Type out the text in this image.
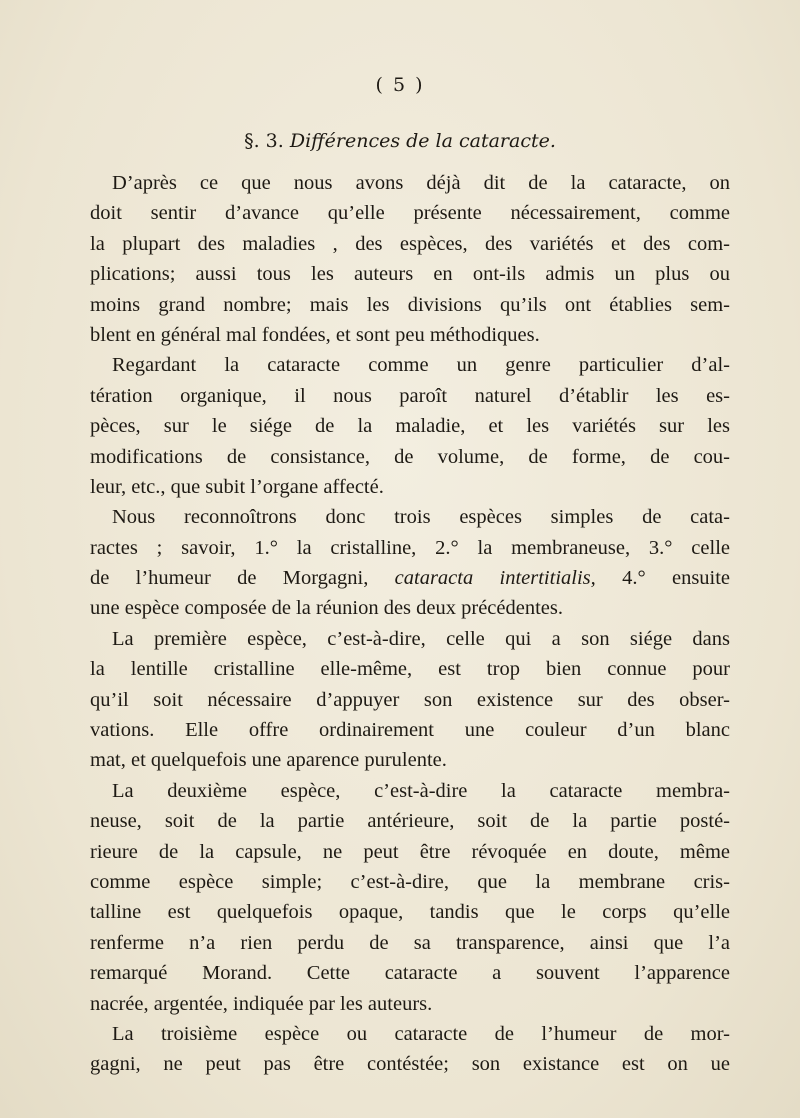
( 5 )
§. 3. Différences de la cataracte.
D’après ce que nous avons déjà dit de la cataracte, on
doit sentir d’avance qu’elle présente nécessairement, comme
la plupart des maladies , des espèces, des variétés et des com-
plications; aussi tous les auteurs en ont-ils admis un plus ou
moins grand nombre; mais les divisions qu’ils ont établies sem-
blent en général mal fondées, et sont peu méthodiques.
Regardant la cataracte comme un genre particulier d’al-
tération organique, il nous paroît naturel d’établir les es-
pèces, sur le siége de la maladie, et les variétés sur les
modifications de consistance, de volume, de forme, de cou-
leur, etc., que subit l’organe affecté.
Nous reconnoîtrons donc trois espèces simples de cata-
ractes ; savoir, 1.° la cristalline, 2.° la membraneuse, 3.° celle
de l’humeur de Morgagni, cataracta intertitialis, 4.° ensuite
une espèce composée de la réunion des deux précédentes.
La première espèce, c’est-à-dire, celle qui a son siége dans
la lentille cristalline elle-même, est trop bien connue pour
qu’il soit nécessaire d’appuyer son existence sur des obser-
vations. Elle offre ordinairement une couleur d’un blanc
mat, et quelquefois une aparence purulente.
La deuxième espèce, c’est-à-dire la cataracte membra-
neuse, soit de la partie antérieure, soit de la partie posté-
rieure de la capsule, ne peut être révoquée en doute, même
comme espèce simple; c’est-à-dire, que la membrane cris-
talline est quelquefois opaque, tandis que le corps qu’elle
renferme n’a rien perdu de sa transparence, ainsi que l’a
remarqué Morand. Cette cataracte a souvent l’apparence
nacrée, argentée, indiquée par les auteurs.
La troisième espèce ou cataracte de l’humeur de mor-
gagni, ne peut pas être contéstée; son existance est on ue
